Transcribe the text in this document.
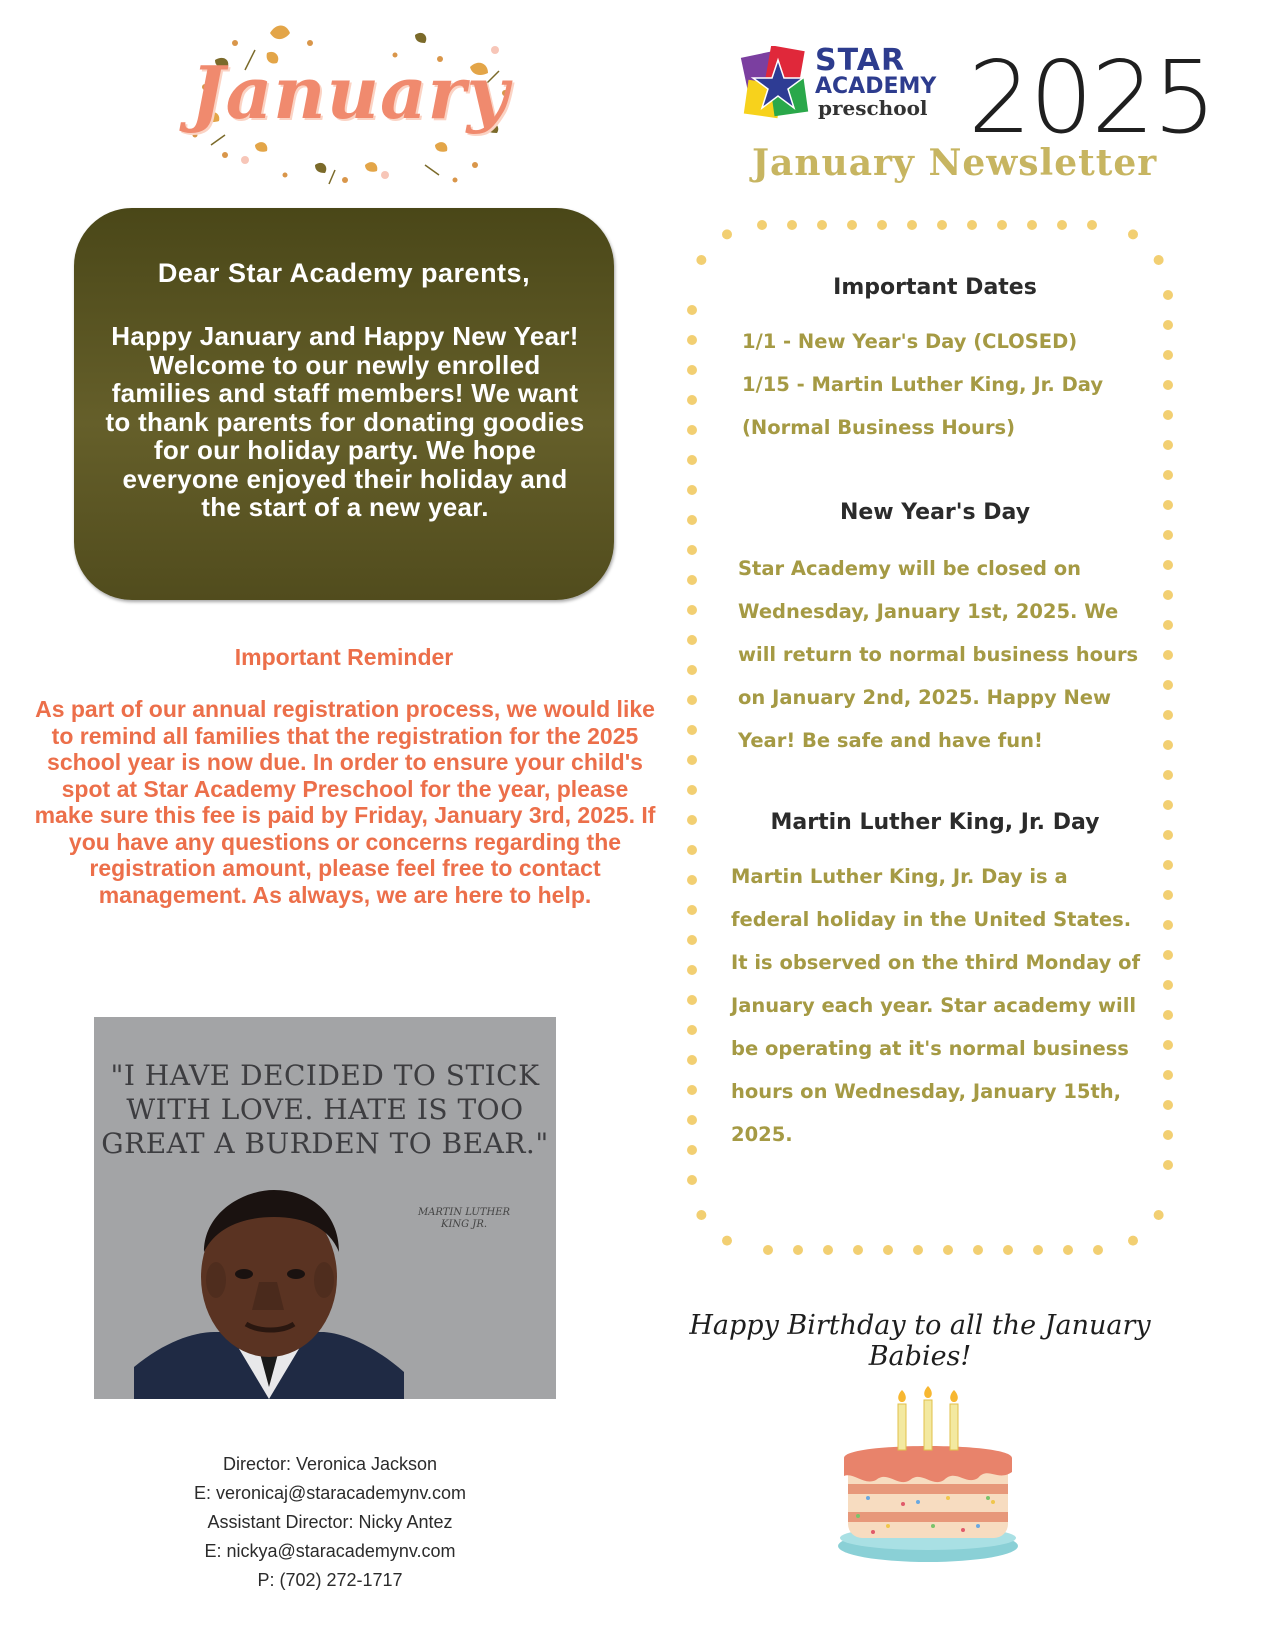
January	STAR
ACADEMY
preschool 2025
January Newsletter
Dear Star Academy parents,
Happy January and Happy New Year! Welcome to our newly enrolled families and staff members! We want to thank parents for donating goodies for our holiday party. We hope everyone enjoyed their holiday and the start of a new year.
Important Reminder
As part of our annual registration process, we would like to remind all families that the registration for the 2025 school year is now due. In order to ensure your child's spot at Star Academy Preschool for the year, please make sure this fee is paid by Friday, January 3rd, 2025. If you have any questions or concerns regarding the registration amount, please feel free to contact management. As always, we are here to help.
"I HAVE DECIDED TO STICK
WITH LOVE. HATE IS TOO
GREAT A BURDEN TO BEAR."
MARTIN LUTHER
KING JR.
Director: Veronica Jackson
E: veronicaj@staracademynv.com
Assistant Director: Nicky Antez
E: nickya@staracademynv.com
P: (702) 272-1717
Important Dates
1/1 - New Year's Day (CLOSED)
1/15 - Martin Luther King, Jr. Day
(Normal Business Hours)
New Year's Day
Star Academy will be closed on Wednesday, January 1st, 2025. We will return to normal business hours on January 2nd, 2025. Happy New Year! Be safe and have fun!
Martin Luther King, Jr. Day
Martin Luther King, Jr. Day is a federal holiday in the United States. It is observed on the third Monday of January each year. Star academy will be operating at it's normal business hours on Wednesday, January 15th, 2025.
Happy Birthday to all the January Babies!
